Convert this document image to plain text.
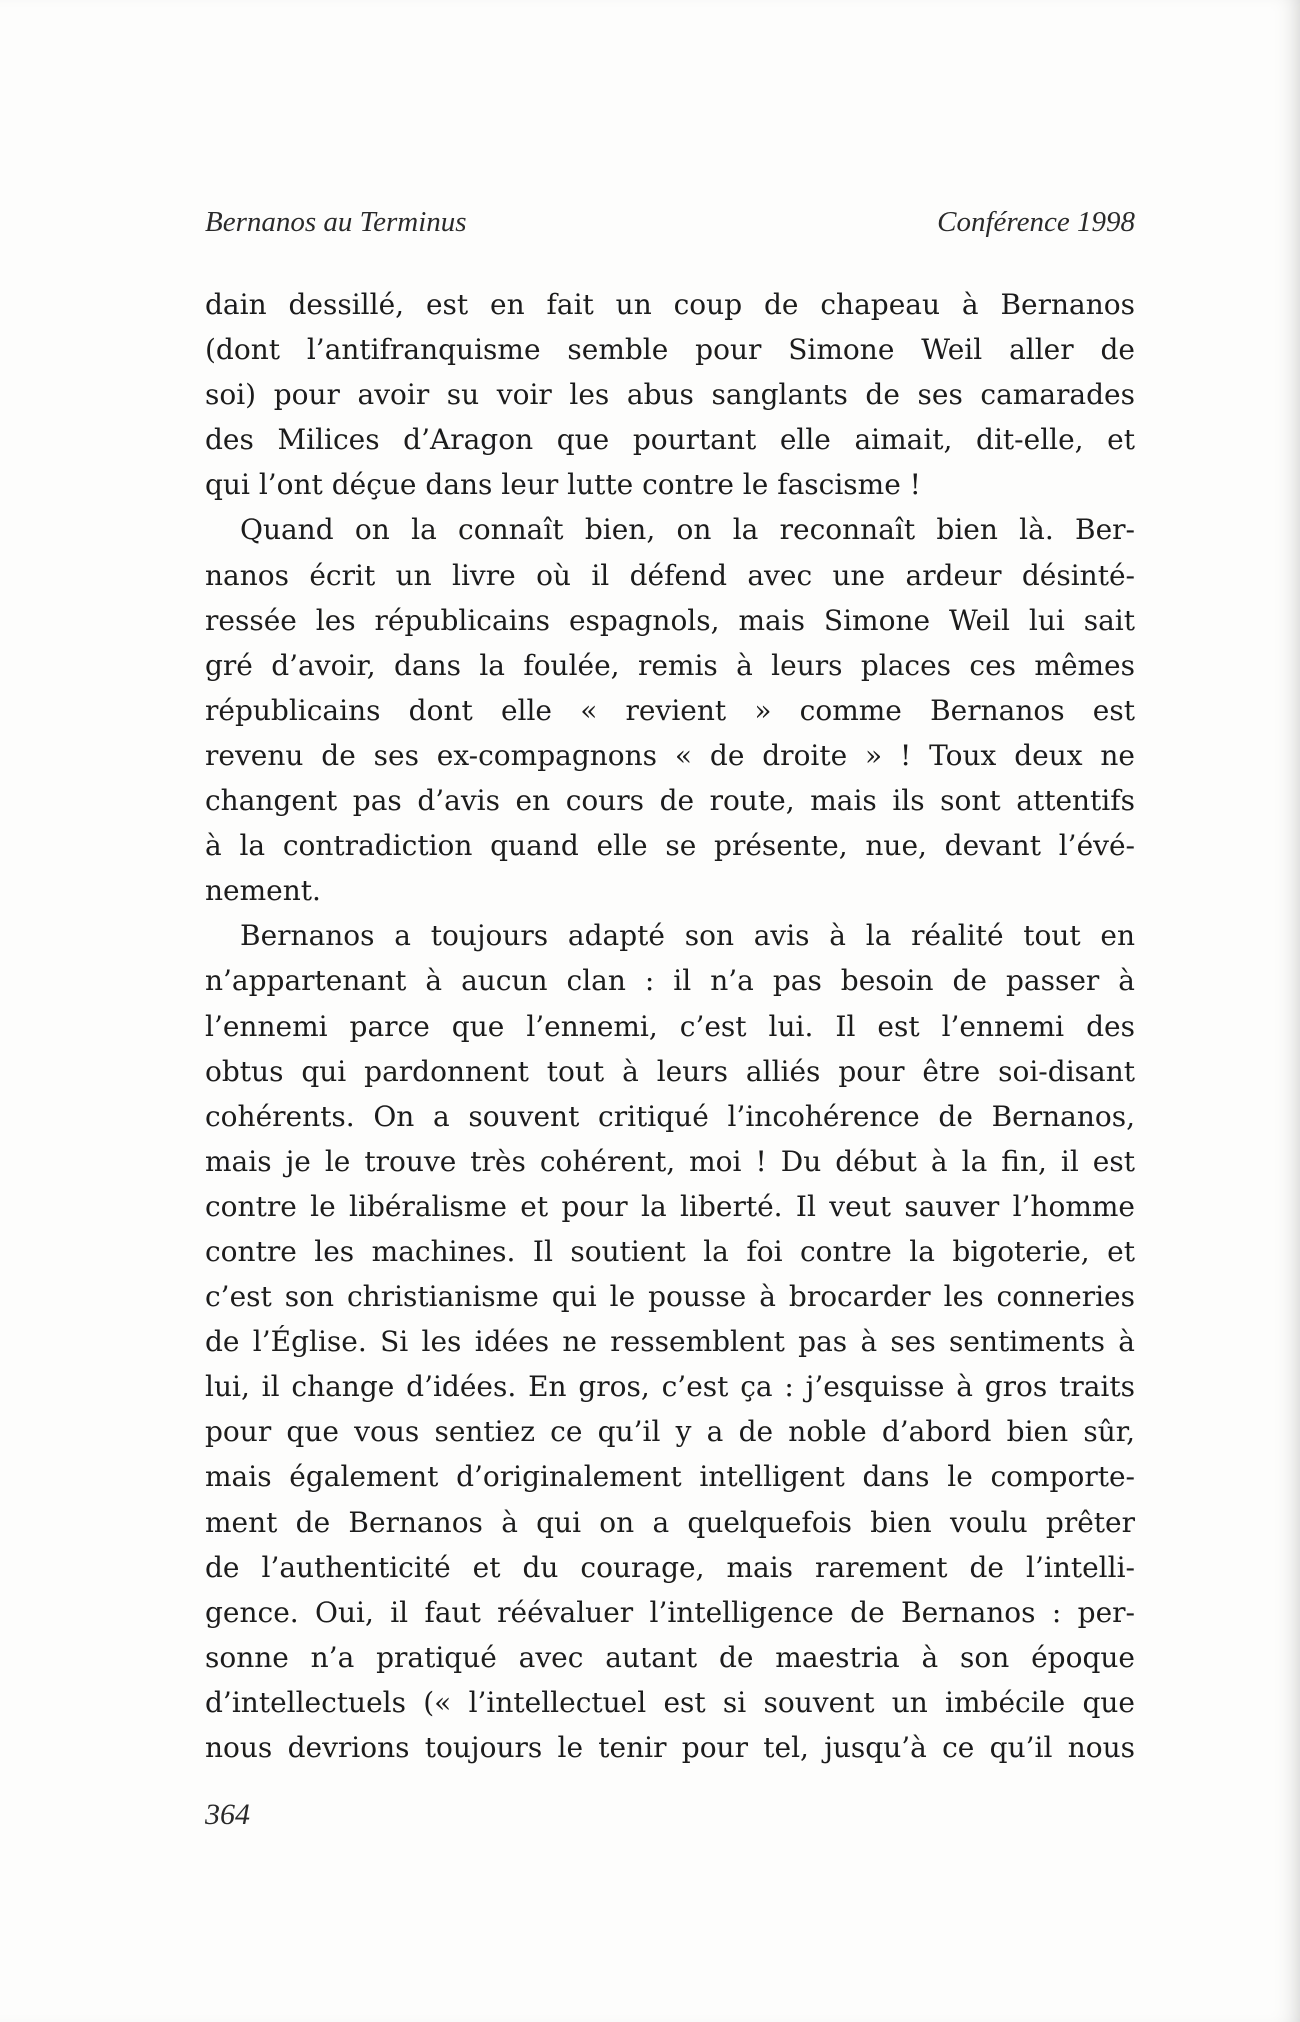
Bernanos au Terminus	Conférence 1998
dain dessillé, est en fait un coup de chapeau à Bernanos
(dont l’antifranquisme semble pour Simone Weil aller de
soi) pour avoir su voir les abus sanglants de ses camarades
des Milices d’Aragon que pourtant elle aimait, dit-elle, et
qui l’ont déçue dans leur lutte contre le fascisme !
Quand on la connaît bien, on la reconnaît bien là. Ber-
nanos écrit un livre où il défend avec une ardeur désinté-
ressée les républicains espagnols, mais Simone Weil lui sait
gré d’avoir, dans la foulée, remis à leurs places ces mêmes
républicains dont elle « revient » comme Bernanos est
revenu de ses ex-compagnons « de droite » ! Toux deux ne
changent pas d’avis en cours de route, mais ils sont attentifs
à la contradiction quand elle se présente, nue, devant l’évé-
nement.
Bernanos a toujours adapté son avis à la réalité tout en
n’appartenant à aucun clan : il n’a pas besoin de passer à
l’ennemi parce que l’ennemi, c’est lui. Il est l’ennemi des
obtus qui pardonnent tout à leurs alliés pour être soi-disant
cohérents. On a souvent critiqué l’incohérence de Bernanos,
mais je le trouve très cohérent, moi ! Du début à la fin, il est
contre le libéralisme et pour la liberté. Il veut sauver l’homme
contre les machines. Il soutient la foi contre la bigoterie, et
c’est son christianisme qui le pousse à brocarder les conneries
de l’Église. Si les idées ne ressemblent pas à ses sentiments à
lui, il change d’idées. En gros, c’est ça : j’esquisse à gros traits
pour que vous sentiez ce qu’il y a de noble d’abord bien sûr,
mais également d’originalement intelligent dans le comporte-
ment de Bernanos à qui on a quelquefois bien voulu prêter
de l’authenticité et du courage, mais rarement de l’intelli-
gence. Oui, il faut réévaluer l’intelligence de Bernanos : per-
sonne n’a pratiqué avec autant de maestria à son époque
d’intellectuels (« l’intellectuel est si souvent un imbécile que
nous devrions toujours le tenir pour tel, jusqu’à ce qu’il nous
364
